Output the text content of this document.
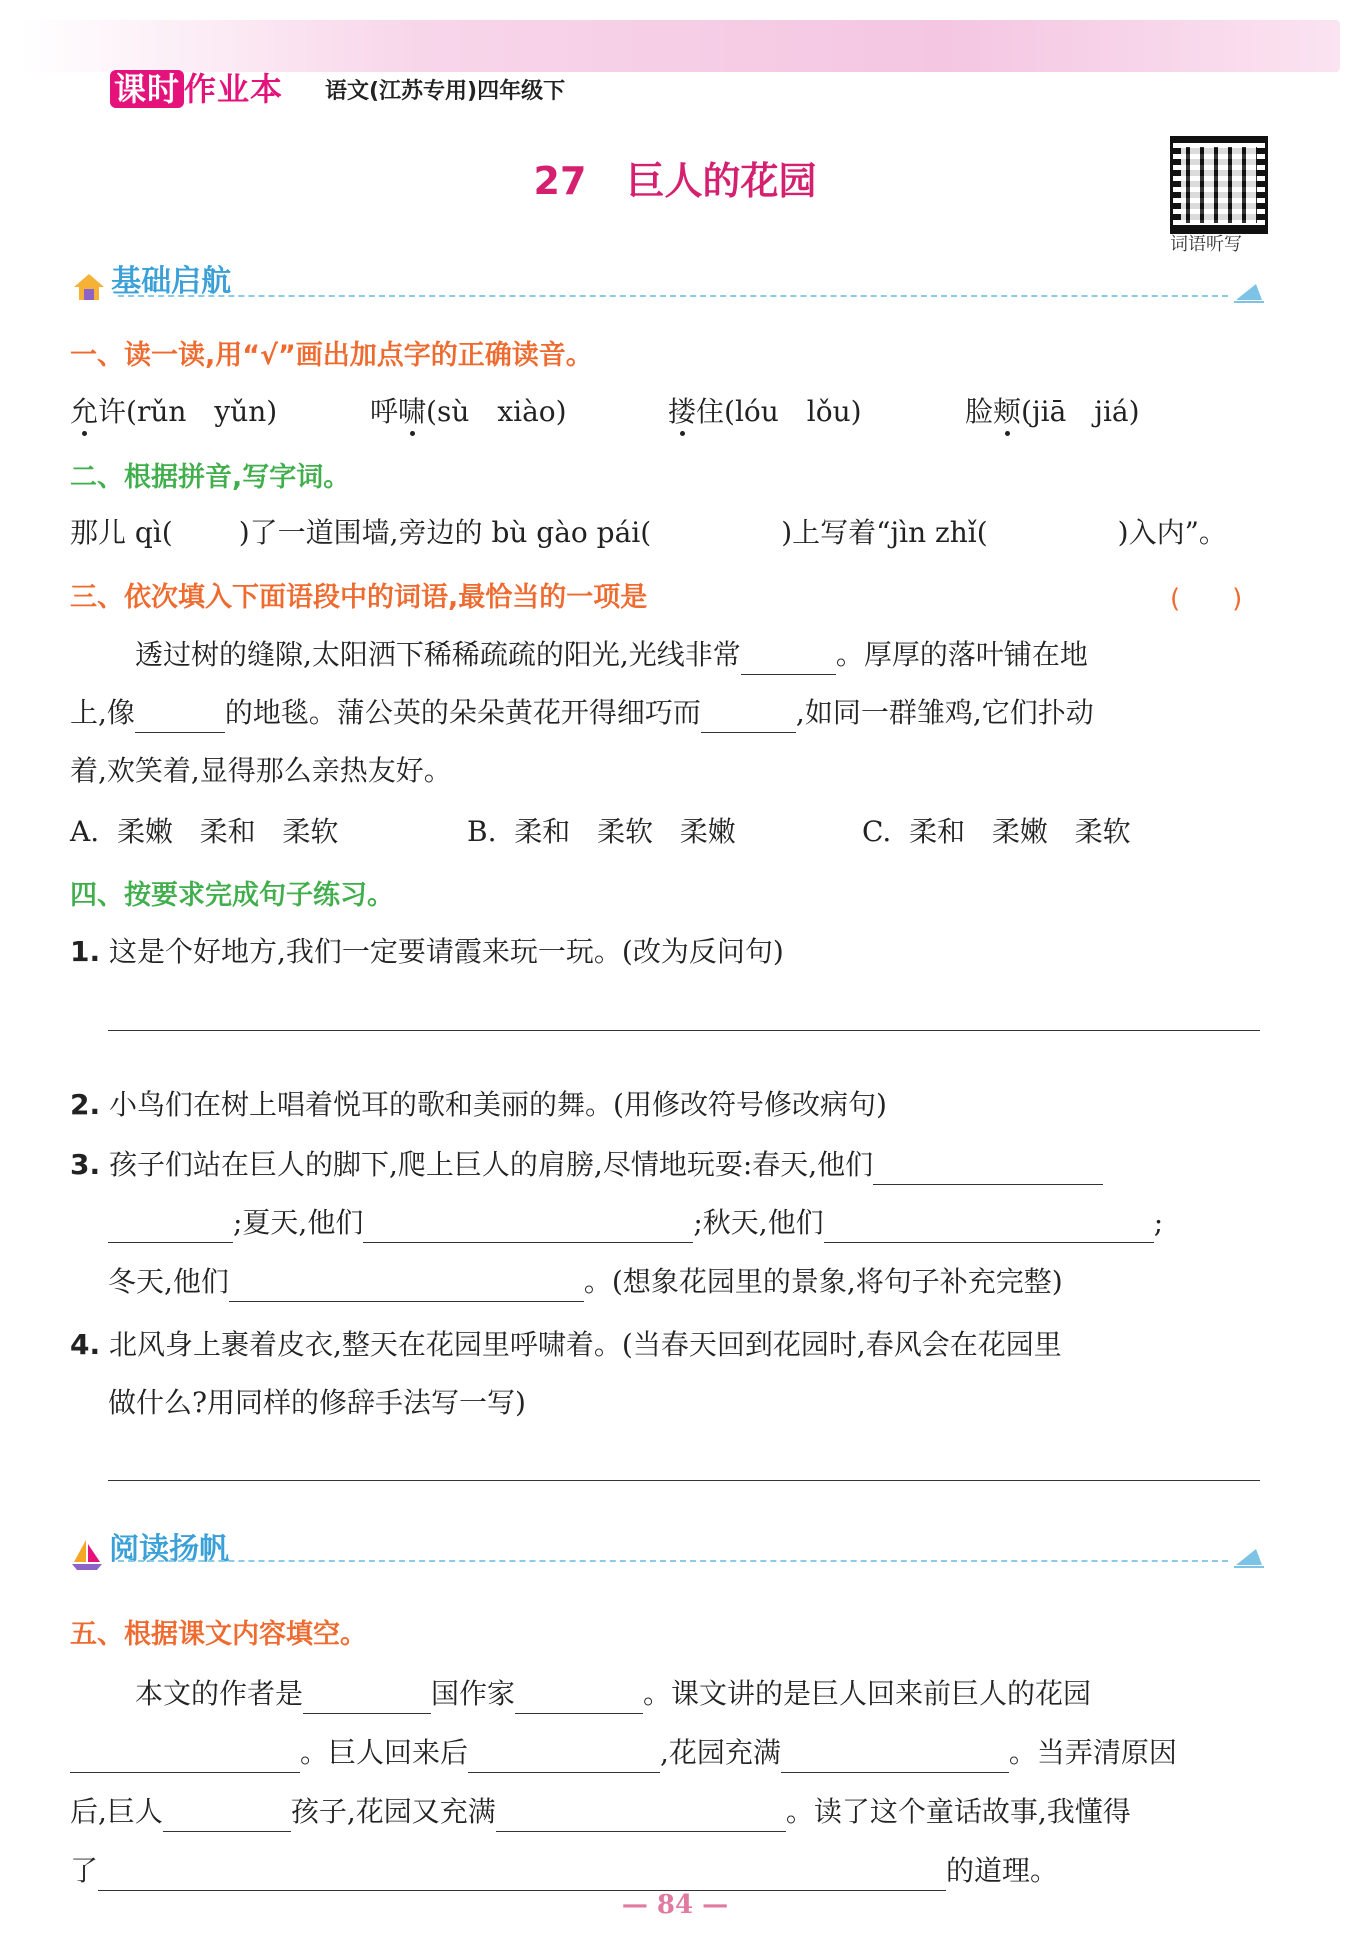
课时 作业本 语文(江苏专用)四年级下
27 巨人的花园
词语听写
基础启航
一、读一读,用“√”画出加点字的正确读音。
允许(rǔn　yǔn)	呼啸(sù　xiào)	搂住(lóu　lǒu)	脸颊(jiā　jiá)
二、根据拼音,写字词。
那儿 qì( )了一道围墙,旁边的 bù gào pái(	)上写着“jìn zhǐ(	)入内”。
三、依次填入下面语段中的词语,最恰当的一项是	(　　)
透过树的缝隙,太阳洒下稀稀疏疏的阳光,光线非常	。厚厚的落叶铺在地
上,像	的地毯。蒲公英的朵朵黄花开得细巧而	,如同一群雏鸡,它们扑动
着,欢笑着,显得那么亲热友好。
A. 柔嫩 柔和 柔软	B. 柔和 柔软 柔嫩	C. 柔和 柔嫩 柔软
四、按要求完成句子练习。
1. 这是个好地方,我们一定要请霞来玩一玩。(改为反问句)
2. 小鸟们在树上唱着悦耳的歌和美丽的舞。(用修改符号修改病句)
3. 孩子们站在巨人的脚下,爬上巨人的肩膀,尽情地玩耍:春天,他们
;夏天,他们	;秋天,他们	;
冬天,他们	。(想象花园里的景象,将句子补充完整)
4. 北风身上裹着皮衣,整天在花园里呼啸着。(当春天回到花园时,春风会在花园里
做什么?用同样的修辞手法写一写)
阅读扬帆
五、根据课文内容填空。
本文的作者是	国作家	。课文讲的是巨人回来前巨人的花园
。巨人回来后	,花园充满	。当弄清原因
后,巨人	孩子,花园又充满	。读了这个童话故事,我懂得
了	的道理。
— 84 —
